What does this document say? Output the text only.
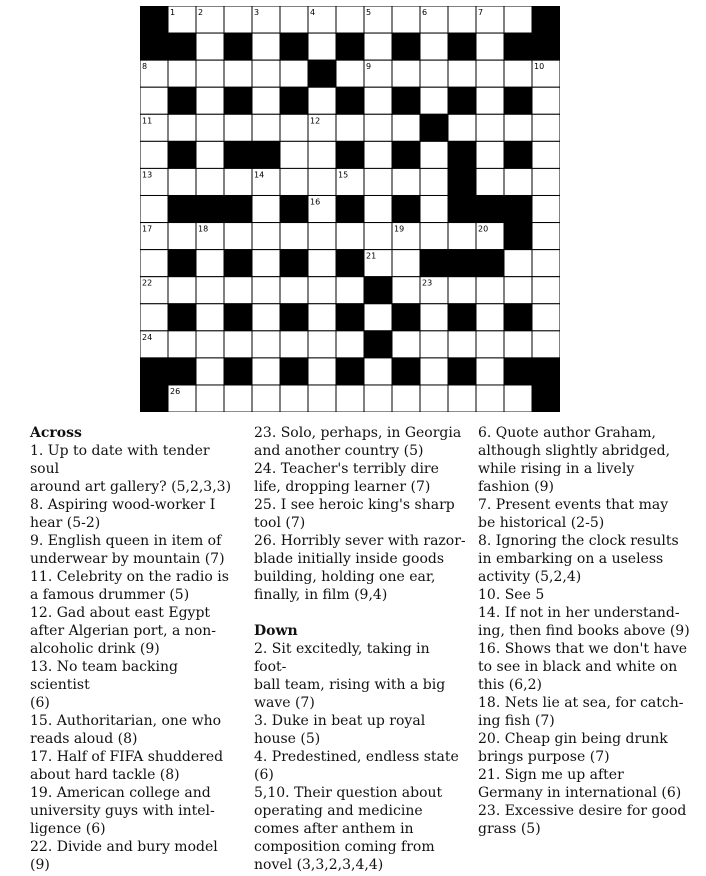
1	2	3	4	5	6	7
8	9	10
11	12
13	14	15
16
17	18	19	20
21
22	23
24	25
26

Across

1. Up to date with tender soul
around art gallery? (5,2,3,3)

8. Aspiring wood-worker I
hear (5-2)

9. English queen in item of
underwear by mountain (7)

11. Celebrity on the radio is
a famous drummer (5)

12. Gad about east Egypt
after Algerian port, a non-
alcoholic drink (9)

13. No team backing scientist
(6)

15. Authoritarian, one who
reads aloud (8)

17. Half of FIFA shuddered
about hard tackle (8)

19. American college and
university guys with intel-
ligence (6)

22. Divide and bury model
(9)

23. Solo, perhaps, in Georgia
and another country (5)

24. Teacher's terribly dire
life, dropping learner (7)

25. I see heroic king's sharp
tool (7)

26. Horribly sever with razor-
blade initially inside goods
building, holding one ear,
finally, in film (9,4)

Down

2. Sit excitedly, taking in foot-
ball team, rising with a big
wave (7)

3. Duke in beat up royal
house (5)

4. Predestined, endless state
(6)

5,10. Their question about
operating and medicine
comes after anthem in
composition coming from
novel (3,3,2,3,4,4)

6. Quote author Graham,
although slightly abridged,
while rising in a lively
fashion (9)

7. Present events that may
be historical (2-5)

8. Ignoring the clock results
in embarking on a useless
activity (5,2,4)

10. See 5

14. If not in her understand-
ing, then find books above (9)

16. Shows that we don't have
to see in black and white on
this (6,2)

18. Nets lie at sea, for catch-
ing fish (7)

20. Cheap gin being drunk
brings purpose (7)

21. Sign me up after
Germany in international (6)

23. Excessive desire for good
grass (5)
